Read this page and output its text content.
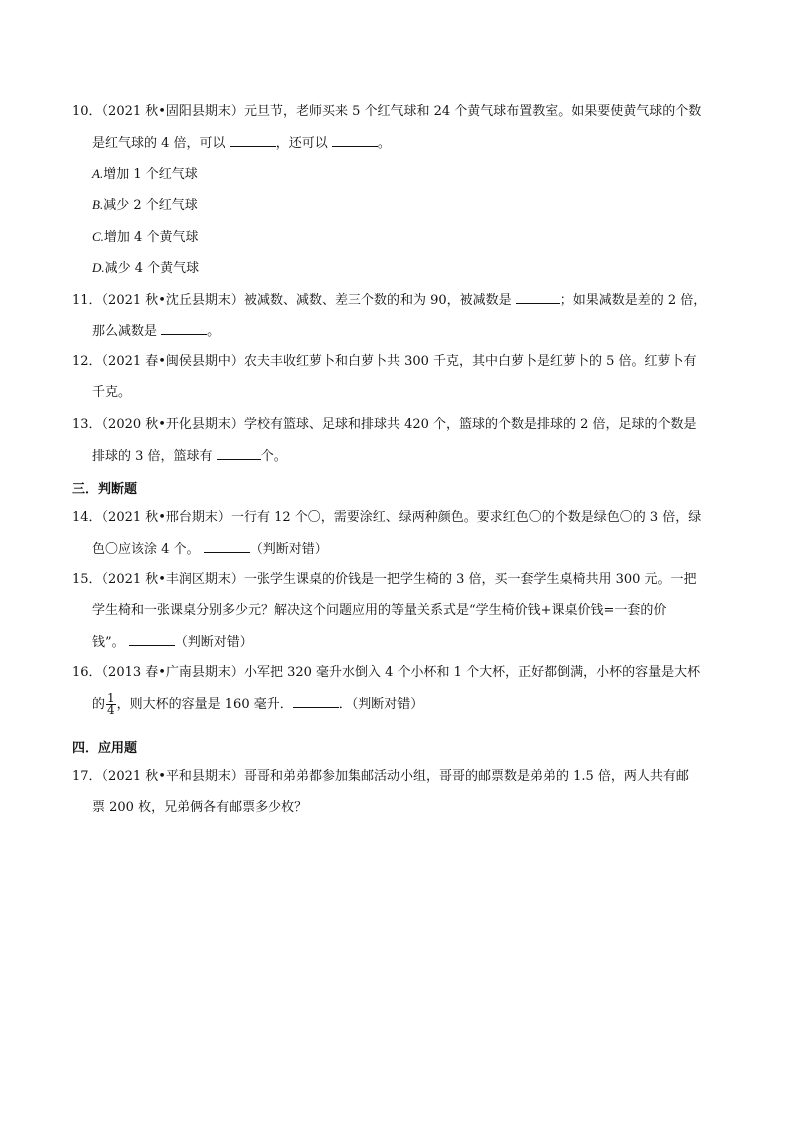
10．（2021 秋•固阳县期末）元旦节，老师买来 5 个红气球和 24 个黄气球布置教室。如果要使黄气球的个数
是红气球的 4 倍，可以	，还可以	。
A.增加 1 个红气球
B.减少 2 个红气球
C.增加 4 个黄气球
D.减少 4 个黄气球
11．（2021 秋•沈丘县期末）被减数、减数、差三个数的和为 90，被减数是	；如果减数是差的 2 倍，
那么减数是	。
12．（2021 春•闽侯县期中）农夫丰收红萝卜和白萝卜共 300 千克，其中白萝卜是红萝卜的 5 倍。红萝卜有
千克。
13．（2020 秋•开化县期末）学校有篮球、足球和排球共 420 个，篮球的个数是排球的 2 倍，足球的个数是
排球的 3 倍，篮球有	个。
三．判断题
14．（2021 秋•邢台期末）一行有 12 个〇，需要涂红、绿两种颜色。要求红色〇的个数是绿色〇的 3 倍，绿
色〇应该涂 4 个。	（判断对错）
15．（2021 秋•丰润区期末）一张学生课桌的价钱是一把学生椅的 3 倍，买一套学生桌椅共用 300 元。一把
学生椅和一张课桌分别多少元？解决这个问题应用的等量关系式是“学生椅价钱+课桌价钱=一套的价
钱”。	（判断对错）
16．（2013 春•广南县期末）小军把 320 毫升水倒入 4 个小杯和 1 个大杯，正好都倒满，小杯的容量是大杯
的 $\frac{1}{4}$ ，则大杯的容量是 160 毫升．	．（判断对错）
四．应用题
17．（2021 秋•平和县期末）哥哥和弟弟都参加集邮活动小组，哥哥的邮票数是弟弟的 1.5 倍，两人共有邮
票 200 枚，兄弟俩各有邮票多少枚？
